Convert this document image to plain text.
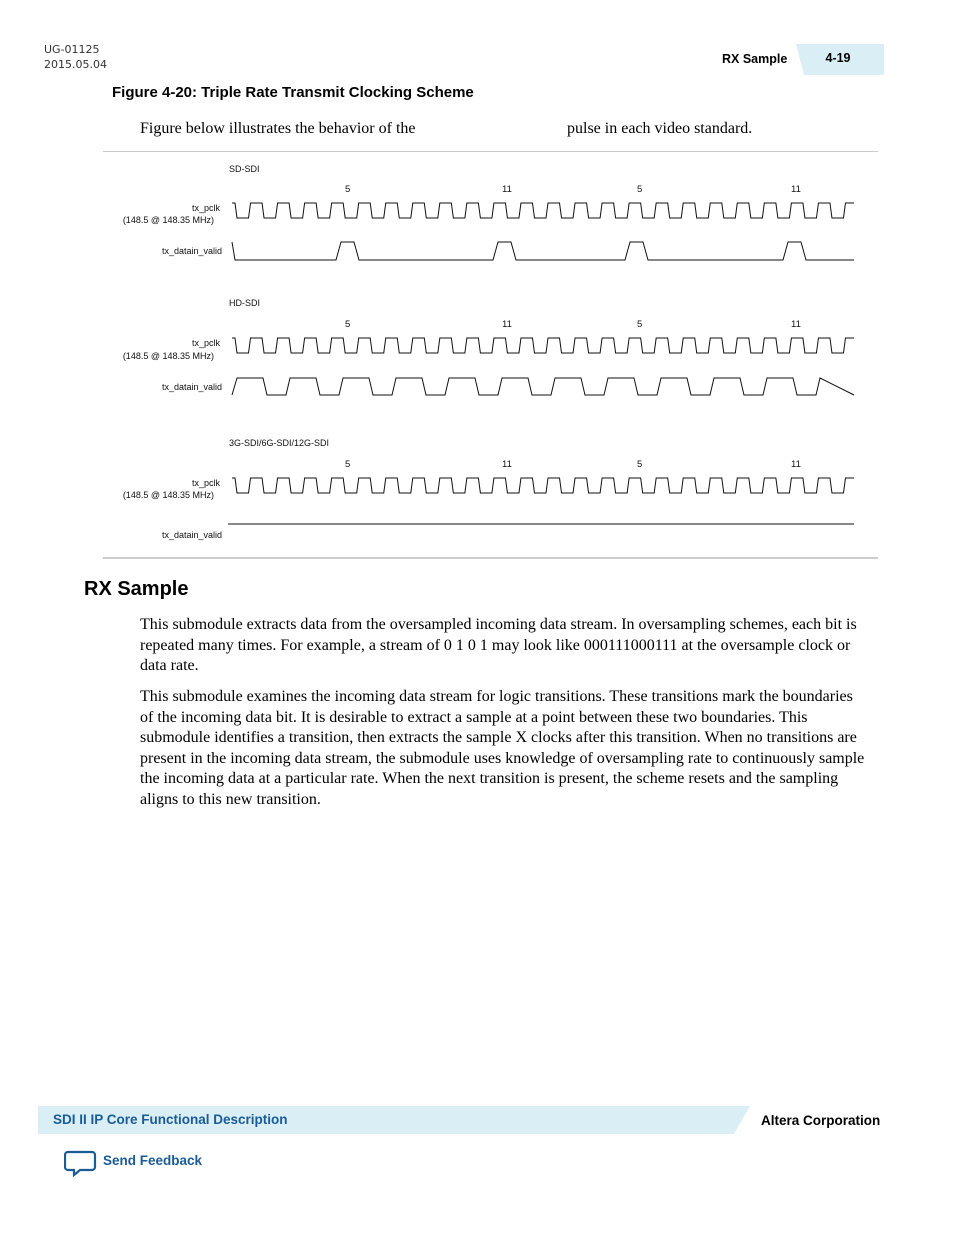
UG-01125
2015.05.04	RX Sample	4-19
Figure 4-20: Triple Rate Transmit Clocking Scheme
Figure below illustrates the behavior of the	pulse in each video standard.
SD-SDI
5	11	5	11
tx_pclk
(148.5 @ 148.35 MHz)
tx_datain_valid
HD-SDI
5	11	5	11
tx_pclk
(148.5 @ 148.35 MHz)
tx_datain_valid
3G-SDI/6G-SDI/12G-SDI
5	11	5	11
tx_pclk
(148.5 @ 148.35 MHz)
tx_datain_valid
RX Sample
This submodule extracts data from the oversampled incoming data stream. In oversampling schemes, each bit is repeated many times. For example, a stream of 0 1 0 1 may look like 000111000111 at the oversample clock or data rate.
This submodule examines the incoming data stream for logic transitions. These transitions mark the boundaries of the incoming data bit. It is desirable to extract a sample at a point between these two boundaries. This submodule identifies a transition, then extracts the sample X clocks after this transition. When no transitions are present in the incoming data stream, the submodule uses knowledge of oversampling rate to continuously sample the incoming data at a particular rate. When the next transition is present, the scheme resets and the sampling aligns to this new transition.
SDI II IP Core Functional Description	Altera Corporation
Send Feedback
